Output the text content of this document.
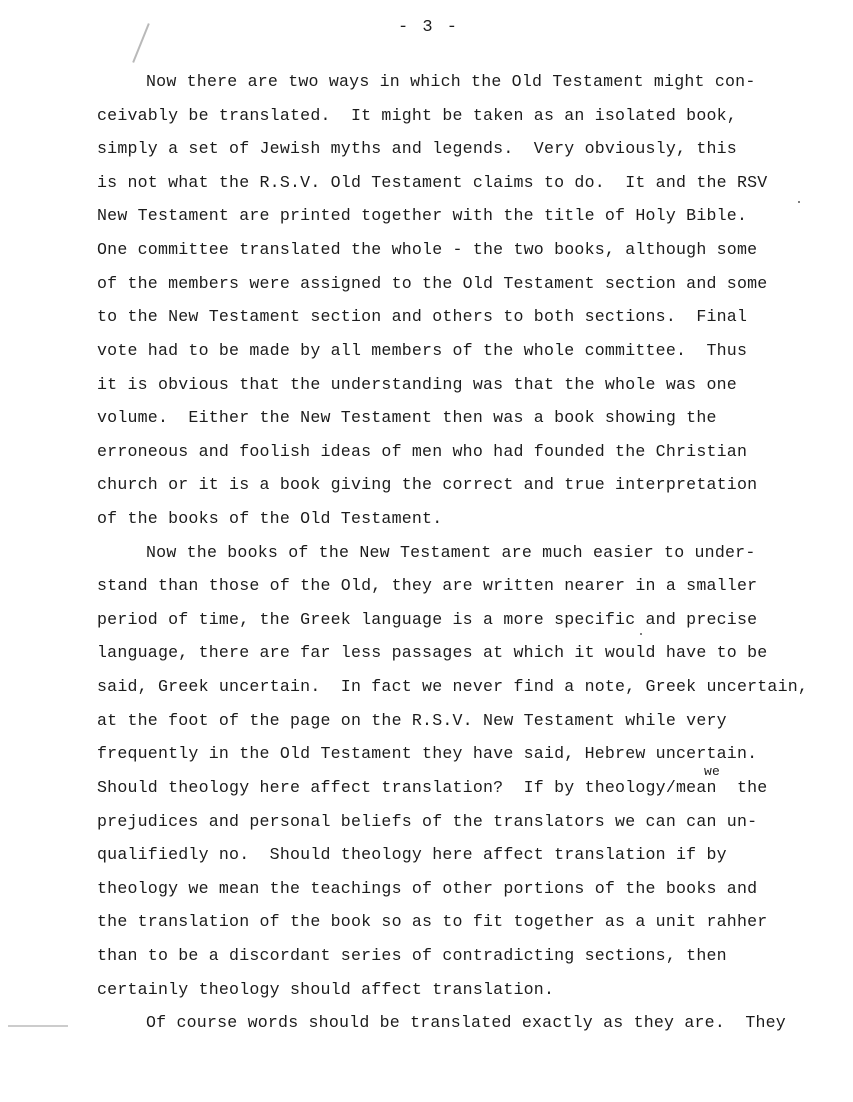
- 3 -
Now there are two ways in which the Old Testament might con-
ceivably be translated.  It might be taken as an isolated book,
simply a set of Jewish myths and legends.  Very obviously, this
is not what the R.S.V. Old Testament claims to do.  It and the RSV
New Testament are printed together with the title of Holy Bible.
One committee translated the whole - the two books, although some
of the members were assigned to the Old Testament section and some
to the New Testament section and others to both sections.  Final
vote had to be made by all members of the whole committee.  Thus
it is obvious that the understanding was that the whole was one
volume.  Either the New Testament then was a book showing the
erroneous and foolish ideas of men who had founded the Christian
church or it is a book giving the correct and true interpretation
of the books of the Old Testament.
Now the books of the New Testament are much easier to under-
stand than those of the Old, they are written nearer in a smaller
period of time, the Greek language is a more specific and precise
language, there are far less passages at which it would have to be
said, Greek uncertain.  In fact we never find a note, Greek uncertain,
at the foot of the page on the R.S.V. New Testament while very
frequently in the Old Testament they have said, Hebrew uncertain.
we
Should theology here affect translation?  If by theology/mean  the
prejudices and personal beliefs of the translators we can can un-
qualifiedly no.  Should theology here affect translation if by
theology we mean the teachings of other portions of the books and
the translation of the book so as to fit together as a unit rahher
than to be a discordant series of contradicting sections, then
certainly theology should affect translation.
Of course words should be translated exactly as they are.  They
